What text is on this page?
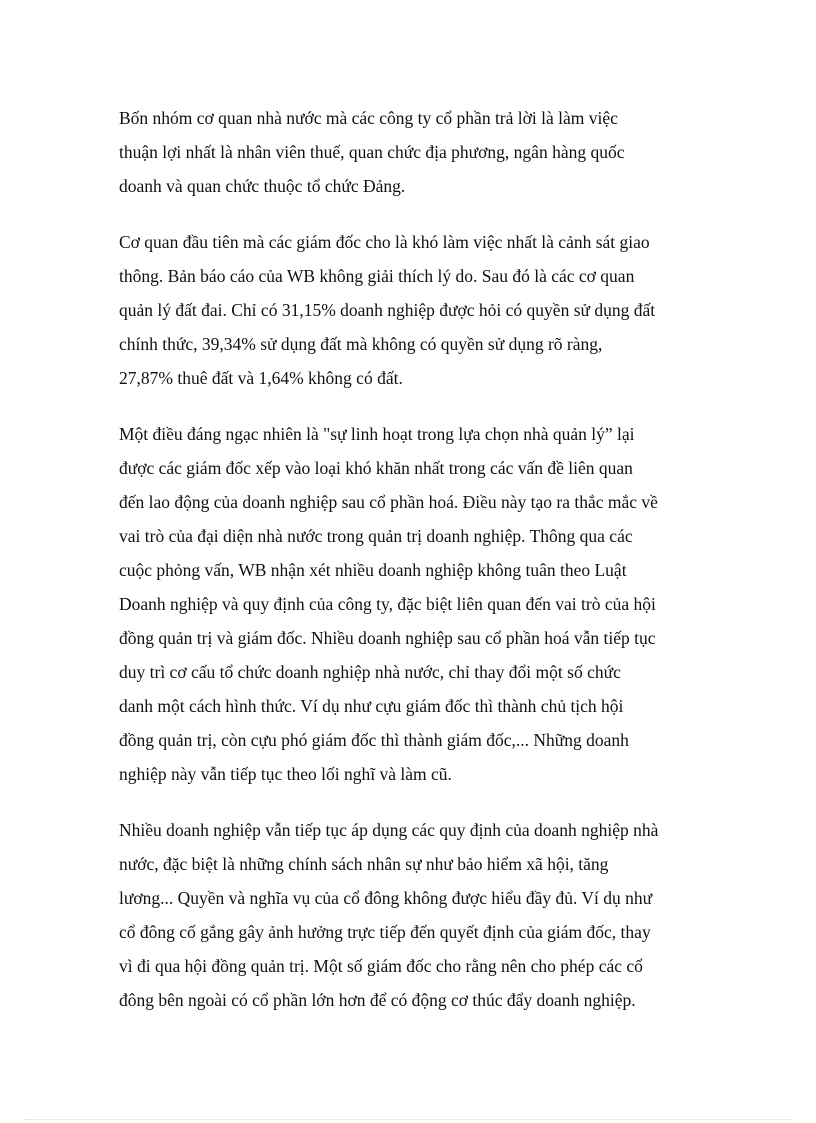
Bốn nhóm cơ quan nhà nước mà các công ty cổ phần trả lời là làm việc
thuận lợi nhất là nhân viên thuế, quan chức địa phương, ngân hàng quốc
doanh và quan chức thuộc tổ chức Đảng.

Cơ quan đầu tiên mà các giám đốc cho là khó làm việc nhất là cảnh sát giao
thông. Bản báo cáo của WB không giải thích lý do. Sau đó là các cơ quan
quản lý đất đai. Chỉ có 31,15% doanh nghiệp được hỏi có quyền sử dụng đất
chính thức, 39,34% sử dụng đất mà không có quyền sử dụng rõ ràng,
27,87% thuê đất và 1,64% không có đất.

Một điều đáng ngạc nhiên là "sự linh hoạt trong lựa chọn nhà quản lý” lại
được các giám đốc xếp vào loại khó khăn nhất trong các vấn đề liên quan
đến lao động của doanh nghiệp sau cổ phần hoá. Điều này tạo ra thắc mắc về
vai trò của đại diện nhà nước trong quản trị doanh nghiệp. Thông qua các
cuộc phỏng vấn, WB nhận xét nhiều doanh nghiệp không tuân theo Luật
Doanh nghiệp và quy định của công ty, đặc biệt liên quan đến vai trò của hội
đồng quản trị và giám đốc. Nhiều doanh nghiệp sau cổ phần hoá vẫn tiếp tục
duy trì cơ cấu tổ chức doanh nghiệp nhà nước, chỉ thay đổi một số chức
danh một cách hình thức. Ví dụ như cựu giám đốc thì thành chủ tịch hội
đồng quản trị, còn cựu phó giám đốc thì thành giám đốc,... Những doanh
nghiệp này vẫn tiếp tục theo lối nghĩ và làm cũ.

Nhiều doanh nghiệp vẫn tiếp tục áp dụng các quy định của doanh nghiệp nhà
nước, đặc biệt là những chính sách nhân sự như bảo hiểm xã hội, tăng
lương... Quyền và nghĩa vụ của cổ đông không được hiểu đầy đủ. Ví dụ như
cổ đông cố gắng gây ảnh hưởng trực tiếp đến quyết định của giám đốc, thay
vì đi qua hội đồng quản trị. Một số giám đốc cho rằng nên cho phép các cổ
đông bên ngoài có cổ phần lớn hơn để có động cơ thúc đẩy doanh nghiệp.
